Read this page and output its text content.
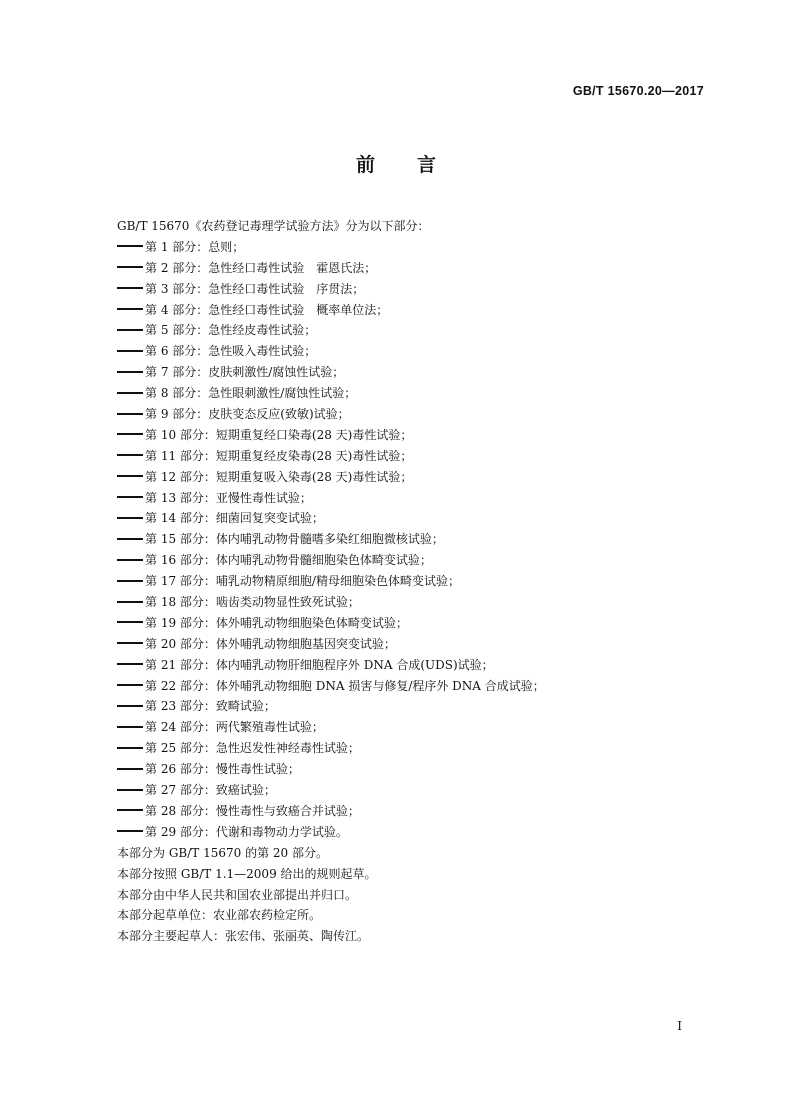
GB/T 15670.20—2017
前言
GB/T 15670《农药登记毒理学试验方法》分为以下部分：
第 1 部分：总则；
第 2 部分：急性经口毒性试验　霍恩氏法；
第 3 部分：急性经口毒性试验　序贯法；
第 4 部分：急性经口毒性试验　概率单位法；
第 5 部分：急性经皮毒性试验；
第 6 部分：急性吸入毒性试验；
第 7 部分：皮肤刺激性/腐蚀性试验；
第 8 部分：急性眼刺激性/腐蚀性试验；
第 9 部分：皮肤变态反应(致敏)试验；
第 10 部分：短期重复经口染毒(28 天)毒性试验；
第 11 部分：短期重复经皮染毒(28 天)毒性试验；
第 12 部分：短期重复吸入染毒(28 天)毒性试验；
第 13 部分：亚慢性毒性试验；
第 14 部分：细菌回复突变试验；
第 15 部分：体内哺乳动物骨髓嗜多染红细胞微核试验；
第 16 部分：体内哺乳动物骨髓细胞染色体畸变试验；
第 17 部分：哺乳动物精原细胞/精母细胞染色体畸变试验；
第 18 部分：啮齿类动物显性致死试验；
第 19 部分：体外哺乳动物细胞染色体畸变试验；
第 20 部分：体外哺乳动物细胞基因突变试验；
第 21 部分：体内哺乳动物肝细胞程序外 DNA 合成(UDS)试验；
第 22 部分：体外哺乳动物细胞 DNA 损害与修复/程序外 DNA 合成试验；
第 23 部分：致畸试验；
第 24 部分：两代繁殖毒性试验；
第 25 部分：急性迟发性神经毒性试验；
第 26 部分：慢性毒性试验；
第 27 部分：致癌试验；
第 28 部分：慢性毒性与致癌合并试验；
第 29 部分：代谢和毒物动力学试验。
本部分为 GB/T 15670 的第 20 部分。
本部分按照 GB/T 1.1—2009 给出的规则起草。
本部分由中华人民共和国农业部提出并归口。
本部分起草单位：农业部农药检定所。
本部分主要起草人：张宏伟、张丽英、陶传江。
I
